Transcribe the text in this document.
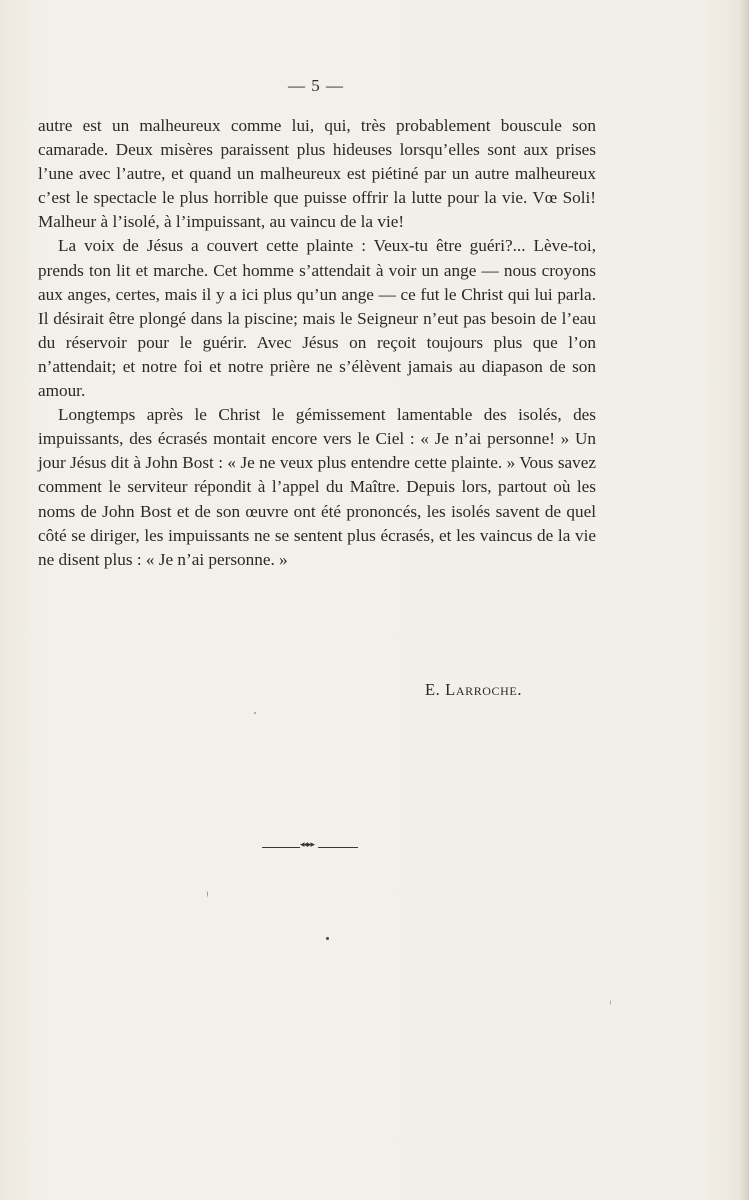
— 5 —

autre est un malheureux comme lui, qui, très probablement bouscule son camarade. Deux misères paraissent plus hideuses lorsqu’elles sont aux prises l’une avec l’autre, et quand un malheureux est piétiné par un autre malheureux c’est le spectacle le plus horrible que puisse offrir la lutte pour la vie. Vœ Soli! Malheur à l’isolé, à l’impuissant, au vaincu de la vie!

La voix de Jésus a couvert cette plainte : Veux-tu être guéri?... Lève-toi, prends ton lit et marche. Cet homme s’attendait à voir un ange — nous croyons aux anges, certes, mais il y a ici plus qu’un ange — ce fut le Christ qui lui parla. Il désirait être plongé dans la piscine; mais le Seigneur n’eut pas besoin de l’eau du réservoir pour le guérir. Avec Jésus on reçoit toujours plus que l’on n’attendait; et notre foi et notre prière ne s’élèvent jamais au diapason de son amour.

Longtemps après le Christ le gémissement lamentable des isolés, des impuissants, des écrasés montait encore vers le Ciel : « Je n’ai personne! » Un jour Jésus dit à John Bost : « Je ne veux plus entendre cette plainte. » Vous savez comment le serviteur répondit à l’appel du Maître. Depuis lors, partout où les noms de John Bost et de son œuvre ont été prononcés, les isolés savent de quel côté se diriger, les impuissants ne se sentent plus écrasés, et les vaincus de la vie ne disent plus : « Je n’ai personne. »

E. Larroche.
◂◂▸▸
